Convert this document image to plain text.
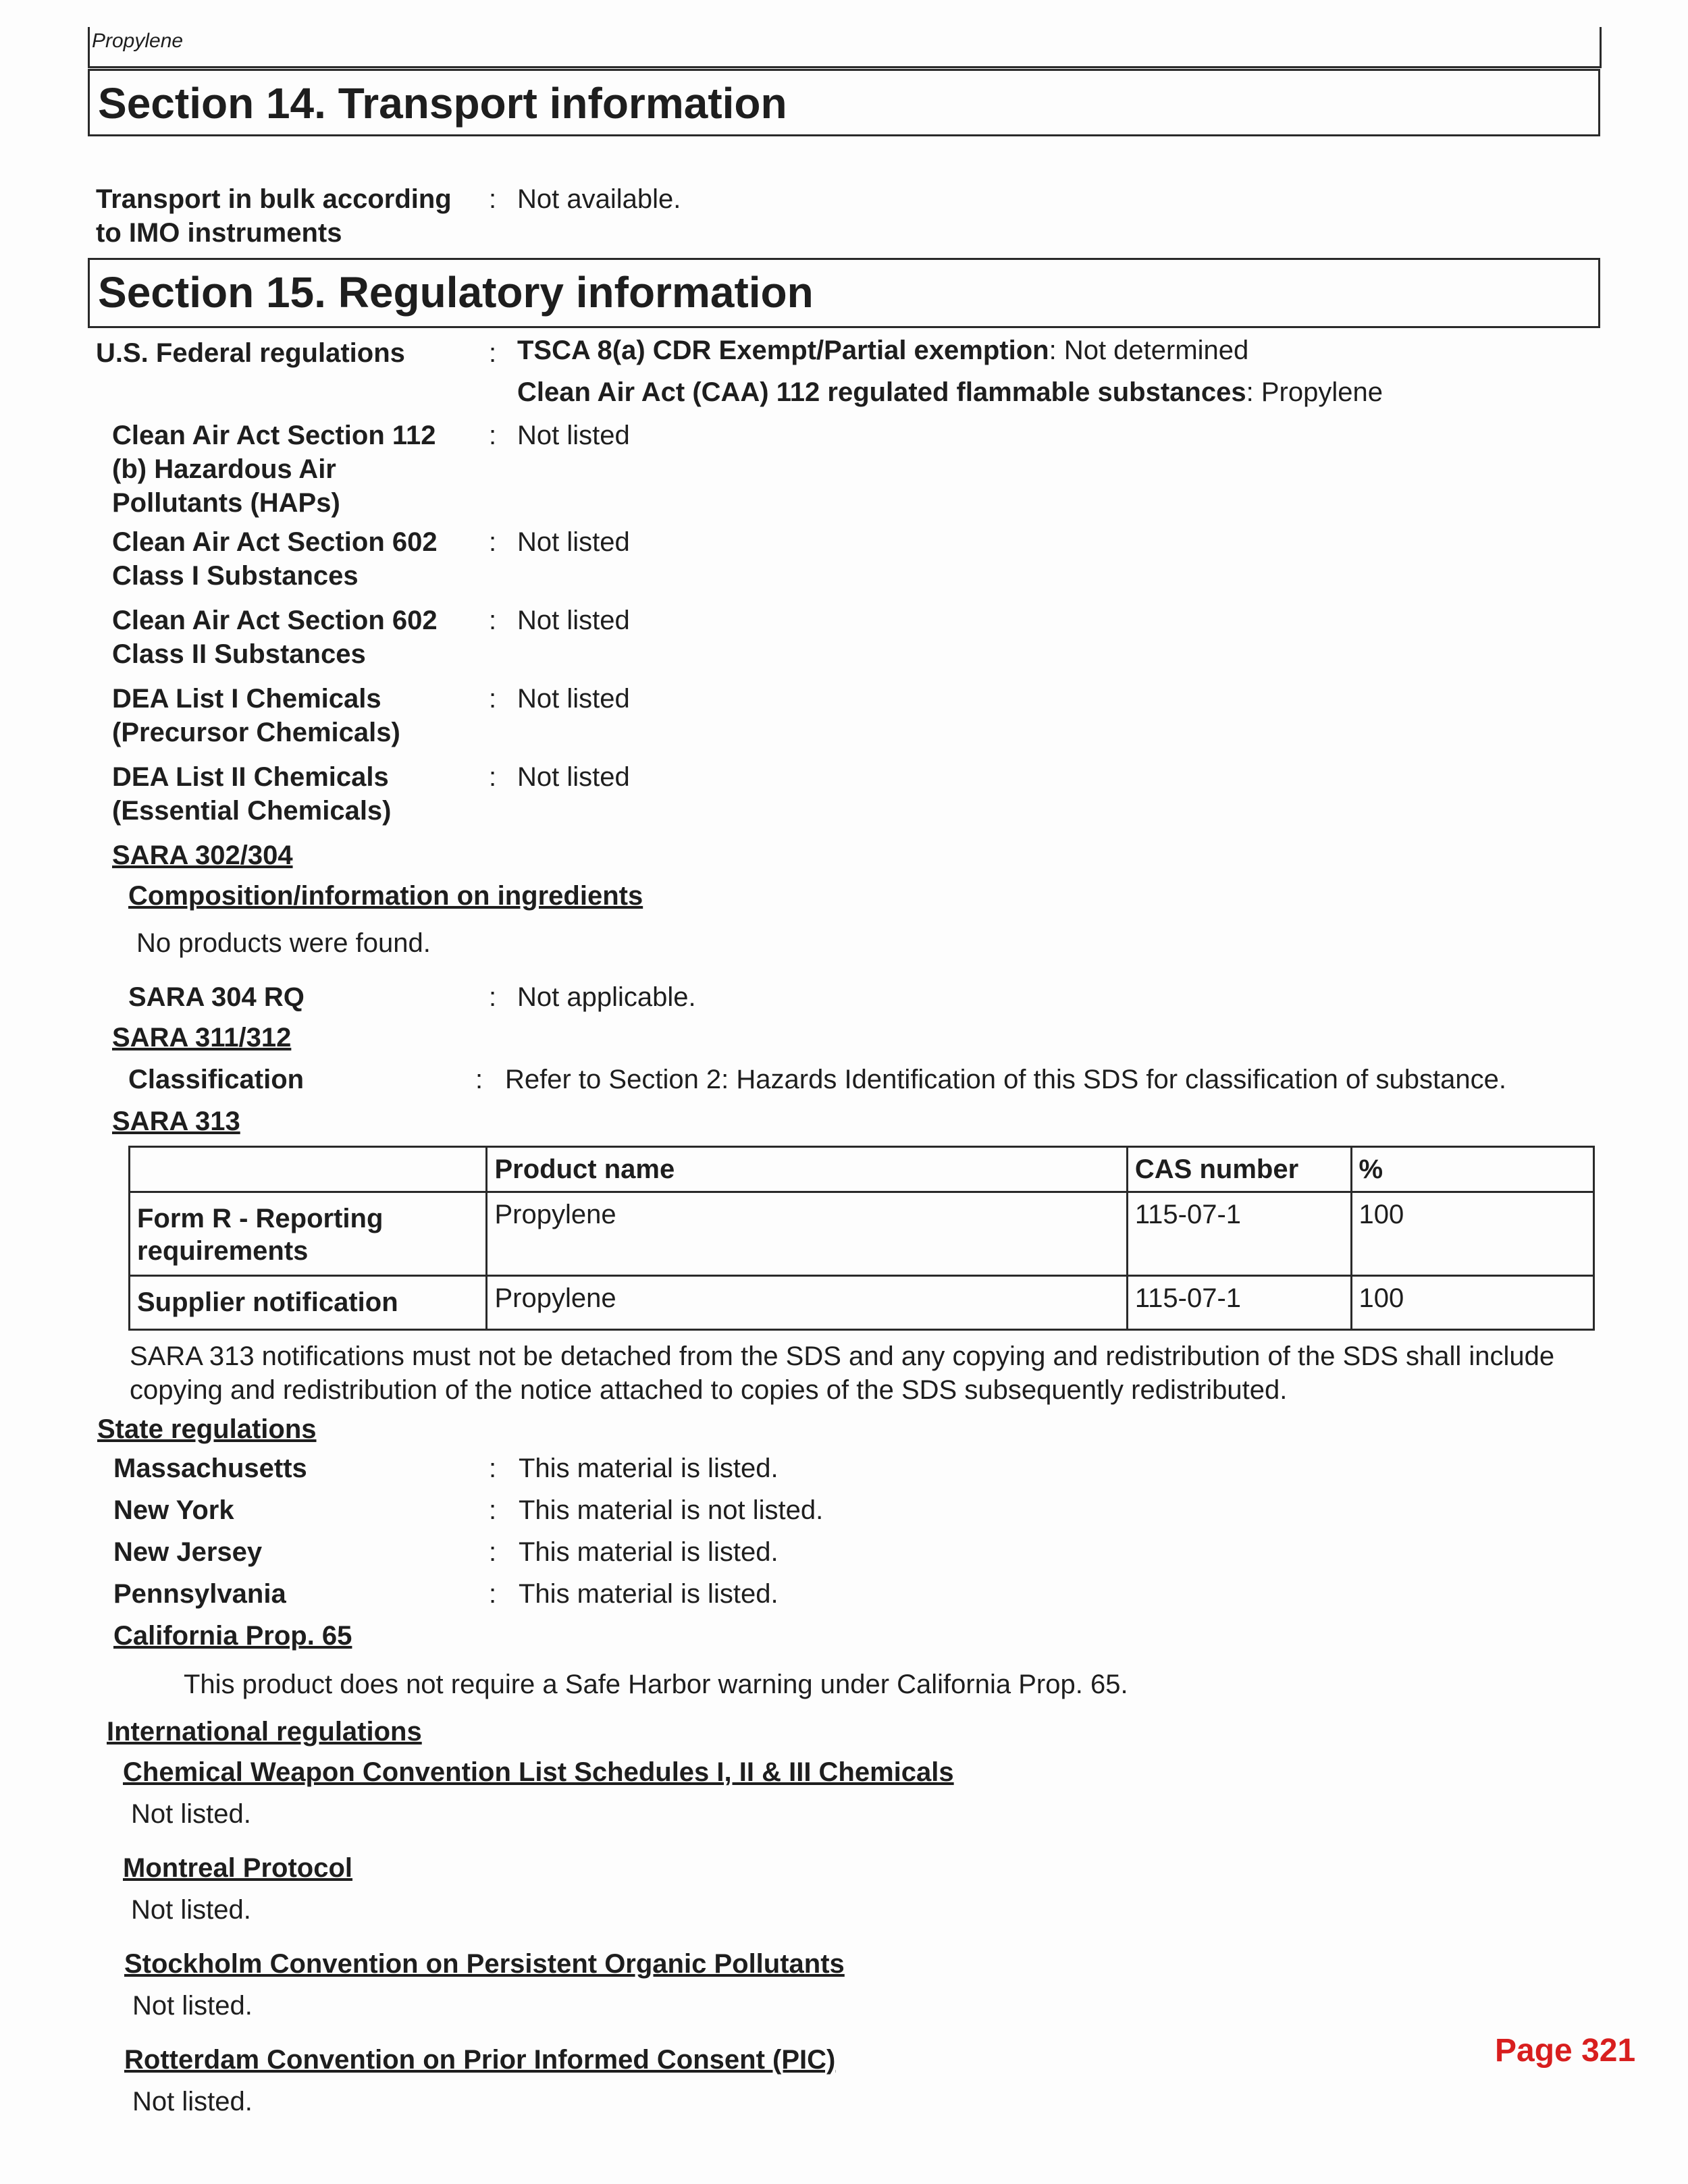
Propylene
Section 14. Transport information
Transport in bulk according
to IMO instruments
: Not available.
Section 15. Regulatory information
U.S. Federal regulations	: TSCA 8(a) CDR Exempt/Partial exemption: Not determined
Clean Air Act (CAA) 112 regulated flammable substances: Propylene
Clean Air Act Section 112
(b) Hazardous Air
Pollutants (HAPs)
: Not listed
Clean Air Act Section 602
Class I Substances
: Not listed
Clean Air Act Section 602
Class II Substances
: Not listed
DEA List I Chemicals
(Precursor Chemicals)
: Not listed
DEA List II Chemicals
(Essential Chemicals)
: Not listed
SARA 302/304
Composition/information on ingredients
No products were found.
SARA 304 RQ	: Not applicable.
SARA 311/312
Classification	: Refer to Section 2: Hazards Identification of this SDS for classification of substance.
SARA 313
	Product name	CAS number	%
Form R - Reporting
requirements	Propylene	115-07-1	100
Supplier notification	Propylene	115-07-1	100
SARA 313 notifications must not be detached from the SDS and any copying and redistribution of the SDS shall include
copying and redistribution of the notice attached to copies of the SDS subsequently redistributed.
State regulations
Massachusetts	: This material is listed.
New York	: This material is not listed.
New Jersey	: This material is listed.
Pennsylvania	: This material is listed.
California Prop. 65
This product does not require a Safe Harbor warning under California Prop. 65.
International regulations
Chemical Weapon Convention List Schedules I, II & III Chemicals
Not listed.
Montreal Protocol
Not listed.
Stockholm Convention on Persistent Organic Pollutants
Not listed.
Rotterdam Convention on Prior Informed Consent (PIC)
Not listed.
Page 321
